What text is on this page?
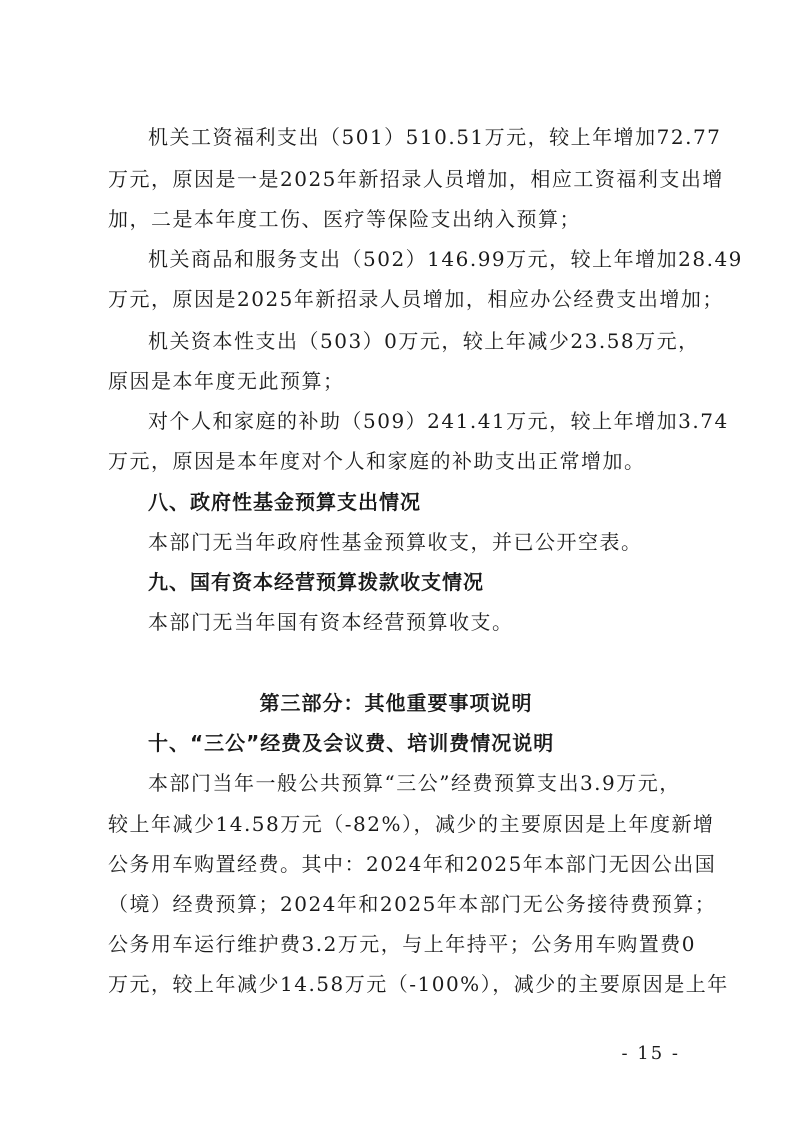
机关工资福利支出（501）510.51万元，较上年增加72.77
万元，原因是一是2025年新招录人员增加，相应工资福利支出增
加，二是本年度工伤、医疗等保险支出纳入预算；
机关商品和服务支出（502）146.99万元，较上年增加28.49
万元，原因是2025年新招录人员增加，相应办公经费支出增加；
机关资本性支出（503）0万元，较上年减少23.58万元，
原因是本年度无此预算；
对个人和家庭的补助（509）241.41万元，较上年增加3.74
万元，原因是本年度对个人和家庭的补助支出正常增加。
八、政府性基金预算支出情况
本部门无当年政府性基金预算收支，并已公开空表。
九、国有资本经营预算拨款收支情况
本部门无当年国有资本经营预算收支。
第三部分：其他重要事项说明
十、“三公”经费及会议费、培训费情况说明
本部门当年一般公共预算“三公”经费预算支出3.9万元，
较上年减少14.58万元（-82%），减少的主要原因是上年度新增
公务用车购置经费。其中：2024年和2025年本部门无因公出国
（境）经费预算；2024年和2025年本部门无公务接待费预算；
公务用车运行维护费3.2万元，与上年持平；公务用车购置费0
万元，较上年减少14.58万元（-100%），减少的主要原因是上年
- 15 -
